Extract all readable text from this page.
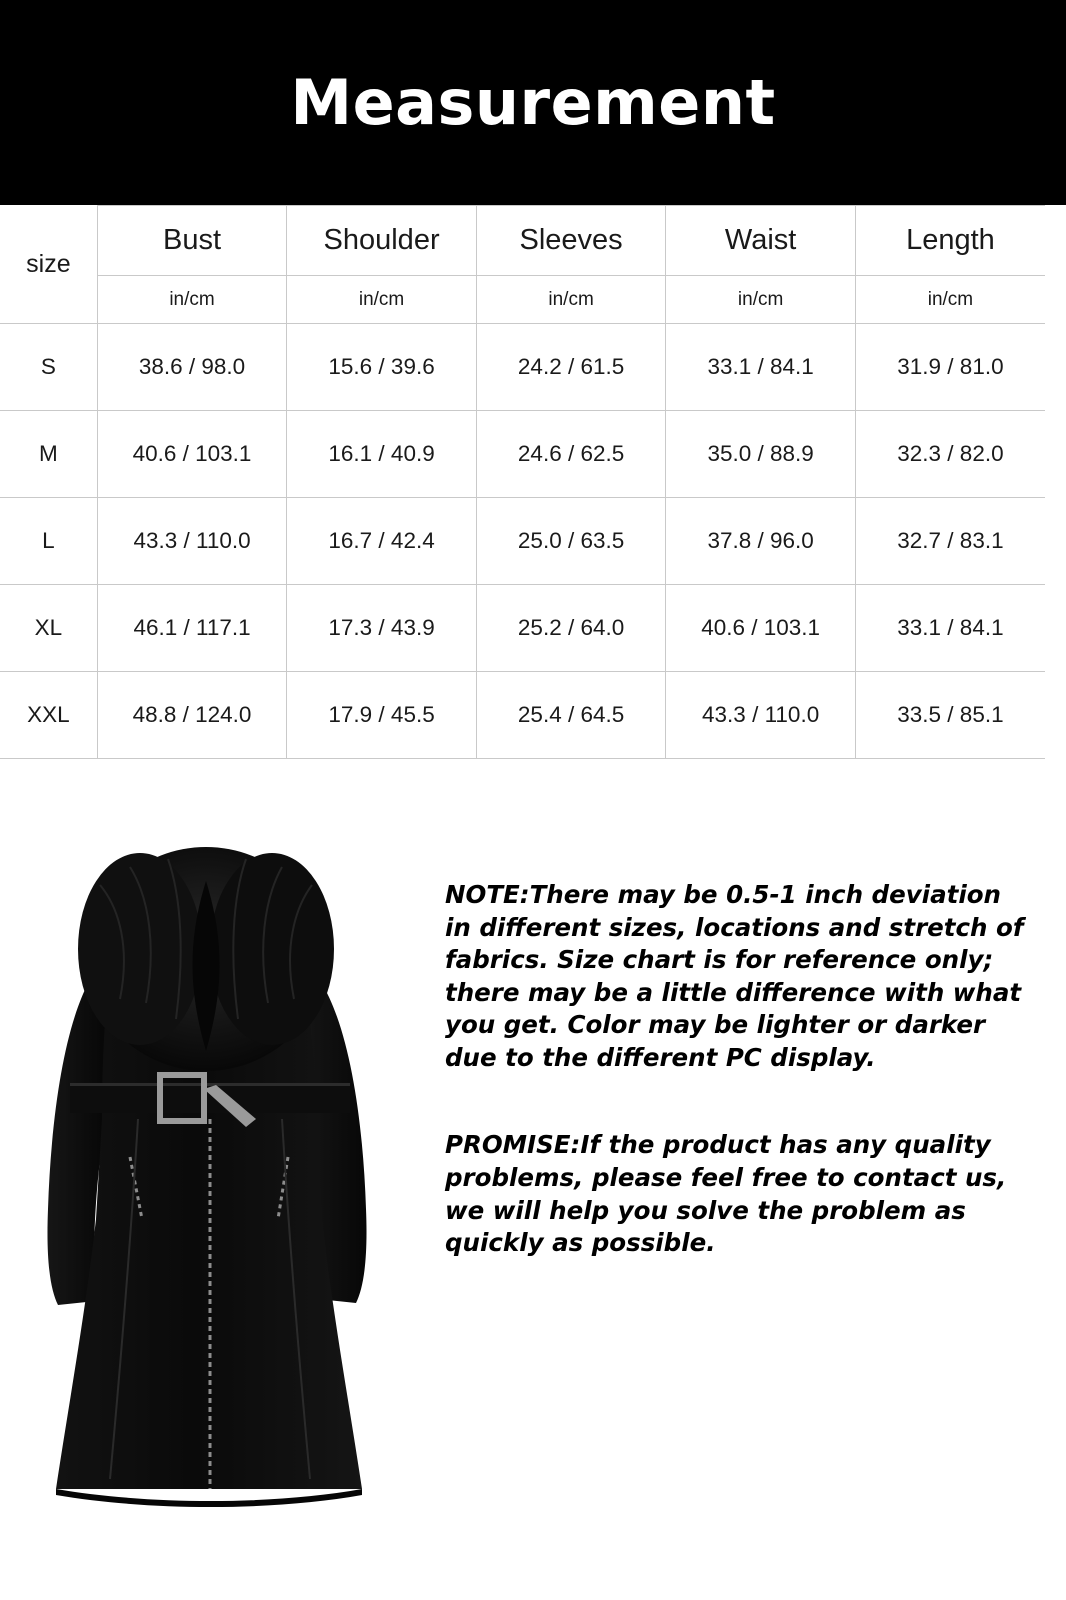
Measurement
size	Bust	Shoulder	Sleeves	Waist	Length
	in/cm	in/cm	in/cm	in/cm	in/cm
S	38.6 / 98.0	15.6 / 39.6	24.2 / 61.5	33.1 / 84.1	31.9 / 81.0
M	40.6 / 103.1	16.1 / 40.9	24.6 / 62.5	35.0 / 88.9	32.3 / 82.0
L	43.3 / 110.0	16.7 / 42.4	25.0 / 63.5	37.8 / 96.0	32.7 / 83.1
XL	46.1 / 117.1	17.3 / 43.9	25.2 / 64.0	40.6 / 103.1	33.1 / 84.1
XXL	48.8 / 124.0	17.9 / 45.5	25.4 / 64.5	43.3 / 110.0	33.5 / 85.1
NOTE:There may be 0.5-1 inch deviation in different sizes, locations and stretch of fabrics. Size chart is for reference only; there may be a little difference with what you get. Color may be lighter or darker due to the different PC display.
PROMISE:If the product has any quality problems, please feel free to contact us, we will help you solve the problem as quickly as possible.
